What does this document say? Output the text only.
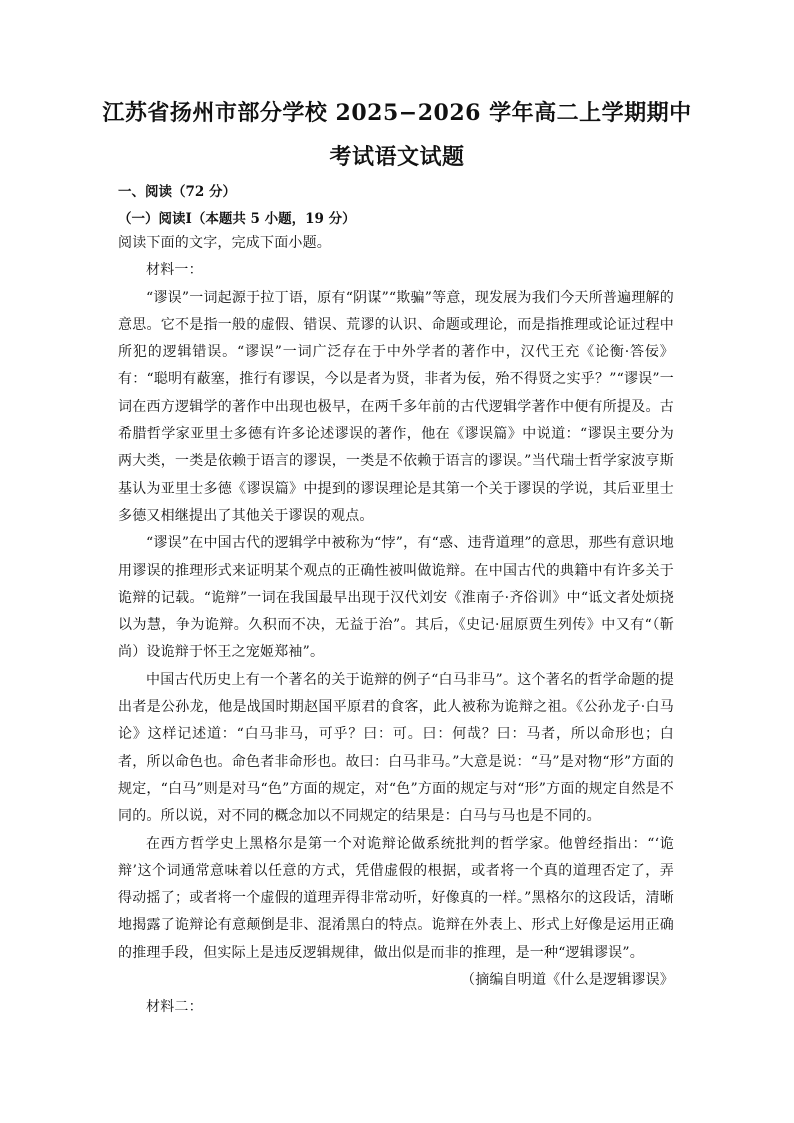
江苏省扬州市部分学校 2025−2026 学年高二上学期期中
考试语文试题
一、阅读（72 分）
（一）阅读Ⅰ（本题共 5 小题，19 分）

阅读下面的文字，完成下面小题。

材料一：

“谬误”一词起源于拉丁语，原有“阴谋”“欺骗”等意，现发展为我们今天所普遍理解的意思。它不是指一般的虚假、错误、荒谬的认识、命题或理论，而是指推理或论证过程中所犯的逻辑错误。“谬误”一词广泛存在于中外学者的著作中，汉代王充《论衡·答佞》有：“聪明有蔽塞，推行有谬误，今以是者为贤，非者为佞，殆不得贤之实乎？”“谬误”一词在西方逻辑学的著作中出现也极早，在两千多年前的古代逻辑学著作中便有所提及。古希腊哲学家亚里士多德有许多论述谬误的著作，他在《谬误篇》中说道：“谬误主要分为两大类，一类是依赖于语言的谬误，一类是不依赖于语言的谬误。”当代瑞士哲学家波亨斯基认为亚里士多德《谬误篇》中提到的谬误理论是其第一个关于谬误的学说，其后亚里士多德又相继提出了其他关于谬误的观点。

“谬误”在中国古代的逻辑学中被称为“悖”，有“惑、违背道理”的意思，那些有意识地用谬误的推理形式来证明某个观点的正确性被叫做诡辩。在中国古代的典籍中有许多关于诡辩的记载。“诡辩”一词在我国最早出现于汉代刘安《淮南子·齐俗训》中“诋文者处烦挠以为慧，争为诡辩。久积而不决，无益于治”。其后，《史记·屈原贾生列传》中又有“（靳尚）设诡辩于怀王之宠姬郑袖”。

中国古代历史上有一个著名的关于诡辩的例子“白马非马”。这个著名的哲学命题的提出者是公孙龙，他是战国时期赵国平原君的食客，此人被称为诡辩之祖。《公孙龙子·白马论》这样记述道：“白马非马，可乎？曰：可。曰：何哉？曰：马者，所以命形也；白者，所以命色也。命色者非命形也。故曰：白马非马。”大意是说：“马”是对物“形”方面的规定，“白马”则是对马“色”方面的规定，对“色”方面的规定与对“形”方面的规定自然是不同的。所以说，对不同的概念加以不同规定的结果是：白马与马也是不同的。

在西方哲学史上黑格尔是第一个对诡辩论做系统批判的哲学家。他曾经指出：“‘诡辩’这个词通常意味着以任意的方式，凭借虚假的根据，或者将一个真的道理否定了，弄得动摇了；或者将一个虚假的道理弄得非常动听，好像真的一样。”黑格尔的这段话，清晰地揭露了诡辩论有意颠倒是非、混淆黑白的特点。诡辩在外表上、形式上好像是运用正确的推理手段，但实际上是违反逻辑规律，做出似是而非的推理，是一种“逻辑谬误”。

（摘编自明道《什么是逻辑谬误》

材料二：
